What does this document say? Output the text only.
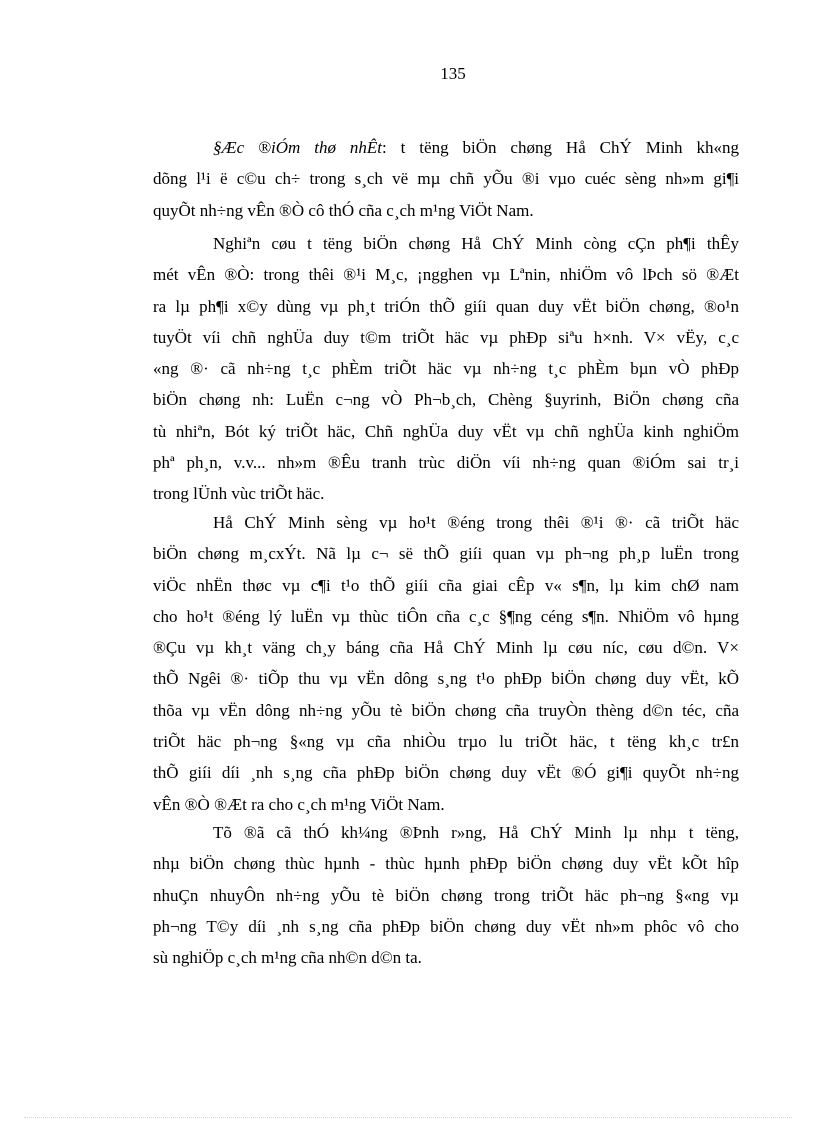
135
§Æc ®iÓm thø nhÊt: t tëng biÖn chøng Hå ChÝ Minh kh«ng
dõng l¹i ë c©u ch÷ trong s¸ch vë mµ chñ yÕu ®i vµo cuéc sèng nh»m gi¶i
quyÕt nh÷ng vÊn ®Ò cô thÓ cña c¸ch m¹ng ViÖt Nam.
Nghiªn cøu t tëng biÖn chøng Hå ChÝ Minh còng cÇn ph¶i thÊy
mét vÊn ®Ò: trong thêi ®¹i M¸c, ¡ngghen vµ Lªnin, nhiÖm vô lÞch sö ®Æt
ra lµ ph¶i x©y dùng vµ ph¸t triÓn thÕ giíi quan duy vËt biÖn chøng, ®o¹n
tuyÖt víi chñ nghÜa duy t©m triÕt häc vµ phÐp siªu h×nh. V× vËy, c¸c
«ng ®· cã nh÷ng t¸c phÈm triÕt häc vµ nh÷ng t¸c phÈm bµn vÒ phÐp
biÖn chøng nh: LuËn c¬ng vÒ Ph¬b¸ch, Chèng §uyrinh, BiÖn chøng cña
tù nhiªn, Bót ký triÕt häc, Chñ nghÜa duy vËt vµ chñ nghÜa kinh nghiÖm
phª ph¸n, v.v... nh»m ®Êu tranh trùc diÖn víi nh÷ng quan ®iÓm sai tr¸i
trong lÜnh vùc triÕt häc.
Hå ChÝ Minh sèng vµ ho¹t ®éng trong thêi ®¹i ®· cã triÕt häc
biÖn chøng m¸cxÝt. Nã lµ c¬ së thÕ giíi quan vµ ph¬ng ph¸p luËn trong
viÖc nhËn thøc vµ c¶i t¹o thÕ giíi cña giai cÊp v« s¶n, lµ kim chØ nam
cho ho¹t ®éng lý luËn vµ thùc tiÔn cña c¸c §¶ng céng s¶n. NhiÖm vô hµng
®Çu vµ kh¸t väng ch¸y báng cña Hå ChÝ Minh lµ cøu níc, cøu d©n. V×
thÕ Ngêi ®· tiÕp thu vµ vËn dông s¸ng t¹o phÐp biÖn chøng duy vËt, kÕ
thõa vµ vËn dông nh÷ng yÕu tè biÖn chøng cña truyÒn thèng d©n téc, cña
triÕt häc ph¬ng §«ng vµ cña nhiÒu trµo lu triÕt häc, t tëng kh¸c tr£n
thÕ giíi díi ¸nh s¸ng cña phÐp biÖn chøng duy vËt ®Ó gi¶i quyÕt nh÷ng
vÊn ®Ò ®Æt ra cho c¸ch m¹ng ViÖt Nam.
Tõ ®ã cã thÓ kh¼ng ®Þnh r»ng, Hå ChÝ Minh lµ nhµ t tëng,
nhµ biÖn chøng thùc hµnh - thùc hµnh phÐp biÖn chøng duy vËt kÕt hîp
nhuÇn nhuyÔn nh÷ng yÕu tè biÖn chøng trong triÕt häc ph¬ng §«ng vµ
ph¬ng T©y díi ¸nh s¸ng cña phÐp biÖn chøng duy vËt nh»m phôc vô cho
sù nghiÖp c¸ch m¹ng cña nh©n d©n ta.
